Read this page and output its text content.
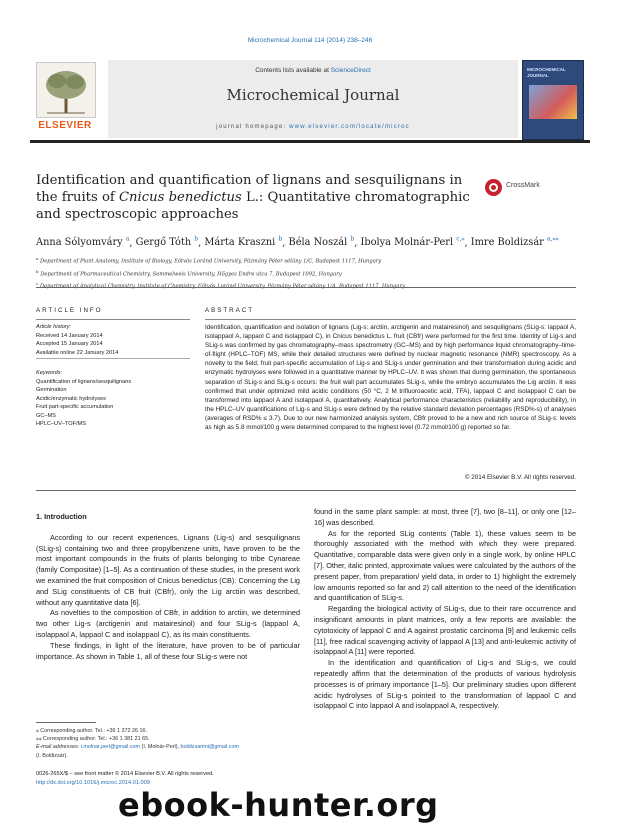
Microchemical Journal 114 (2014) 238–246
ELSEVIER
Contents lists available at ScienceDirect
Microchemical Journal
journal homepage: www.elsevier.com/locate/microc
MICROCHEMICAL JOURNAL
Identification and quantification of lignans and sesquilignans in the fruits of Cnicus benedictus L.: Quantitative chromatographic and spectroscopic approaches
CrossMark
Anna Sólyomváry $^a$, Gergő Tóth $^b$, Márta Kraszni $^b$, Béla Noszál $^b$, Ibolya Molnár-Perl $^{c,⁎}$, Imre Boldizsár $^{a,⁎⁎}$
$^a$ Department of Plant Anatomy, Institute of Biology, Eötvös Loránd University, Pázmány Péter sétány 1/C, Budapest 1117, Hungary
$^b$ Department of Pharmaceutical Chemistry, Semmelweis University, Hőgyes Endre utca 7, Budapest 1092, Hungary
$^c$ Department of Analytical Chemistry, Institute of Chemistry, Eötvös Loránd University, Pázmány Péter sétány 1/A, Budapest 1117, Hungary
ARTICLE INFO	ABSTRACT
Article history:
Received 14 January 2014
Accepted 15 January 2014
Available online 22 January 2014
Keywords:
Quantification of lignans/sesquilignans
Germination
Acidic/enzymatic hydrolyses
Fruit part-specific accumulation
GC–MS
HPLC–UV–TOF/MS
Identification, quantification and isolation of lignans (Lig-s: arctiin, arctigenin and matairesinol) and sesquilignans (SLig-s: lappaol A, isolappaol A, lappaol C and isolappaol C), in Cnicus benedictus L. fruit (CBfr) were performed for the first time. Identity of Lig-s and SLig-s was confirmed by gas chromatography–mass spectrometry (GC–MS) and by high performance liquid chromatography–time-of-flight (HPLC–TOF) MS, while their detailed structures were defined by nuclear magnetic resonance (NMR) spectroscopy. As a novelty to the field, fruit part-specific accumulation of Lig-s and SLig-s under germination and their transformation during acidic and enzymatic hydrolyses were followed in a quantitative manner by HPLC–UV. It was shown that during germination, the spontaneous separation of SLig-s and SLig-s occurs: the fruit wall part accumulates SLig-s, while the embryo accumulates the Lig arctiin. It was confirmed that under optimized mild acidic conditions (50 °C, 2 M trifluoroacetic acid, TFA), lappaol C and isolappaol C can be transformed into lappaol A and isolappaol A, quantitatively. Analytical performance characteristics (reliability and reproducibility), in the HPLC–UV quantifications of Lig-s and SLig-s were defined by the relative standard deviation percentages (RSD%-s) of analyses (averages of RSD% ≤ 3.7). Due to our new harmonized analysis system, CBfr proved to be a new and rich source of SLig-s: levels as high as 5.8 mmol/100 g were determined compared to the highest level (0.72 mmol/100 g) reported so far.
© 2014 Elsevier B.V. All rights reserved.
1. Introduction

According to our recent experiences, Lignans (Lig-s) and sesquilignans (SLig-s) containing two and three propylbenzene units, have proven to be the most important compounds in the fruits of plants belonging to tribe Cynareae (family Compositae) [1–5]. As a continuation of these studies, in the present work we examined the fruit composition of Cnicus benedictus (CB). Concerning the Lig and SLig constituents of CB fruit (CBfr), only the Lig arctiin was described, without any quantitative data [6].

As novelties to the composition of CBfr, in addition to arctiin, we determined two other Lig-s (arctigenin and matairesinol) and four SLig-s (lappaol A, isolappaol A, lappaol C and isolappaol C), as its main constituents.

These findings, in light of the literature, have proven to be of particular importance. As shown in Table 1, all of these four SLig-s were not

found in the same plant sample: at most, three [7], two [8–11], or only one [12–16] was described.

As for the reported SLig contents (Table 1), these values seem to be thoroughly associated with the method with which they were prepared. Quantitative, comparable data were given only in a single work, by online HPLC [7]. Other, italic printed, approximate values were calculated by the authors of the present paper, from preparation/ yield data, in order to 1) highlight the extremely low amounts reported so far and 2) call attention to the need of the identification and quantification of SLig-s.

Regarding the biological activity of SLig-s, due to their rare occurrence and insignificant amounts in plant matrices, only a few reports are available: the cytotoxicity of lappaol C and A against prostatic carcinoma [9] and leukemic cells [11], free radical scavenging activity of lappaol A [13] and anti-leukemic activity of isolappaol A [11] were reported.

In the identification and quantification of Lig-s and SLig-s, we could repeatedly affirm that the determination of the products of various hydrolysis processes is of primary importance [1–5]. Our preliminary studies upon different acidic hydrolyses of SLig-s pointed to the transformation of lappaol C and isolappaol C into lappaol A and isolappaol A, respectively.

⁎ Corresponding author. Tel.: +36 1 372 26 16.
⁎⁎ Corresponding author. Tel.: +36 1 381 21 65.
E-mail addresses: i.molnar.perl@gmail.com (I. Molnár-Perl), boldizsarimi@gmail.com
(I. Boldizsár).
0026-265X/$ – see front matter © 2014 Elsevier B.V. All rights reserved.
http://dx.doi.org/10.1016/j.microc.2014.01.009
ebook-hunter.org
